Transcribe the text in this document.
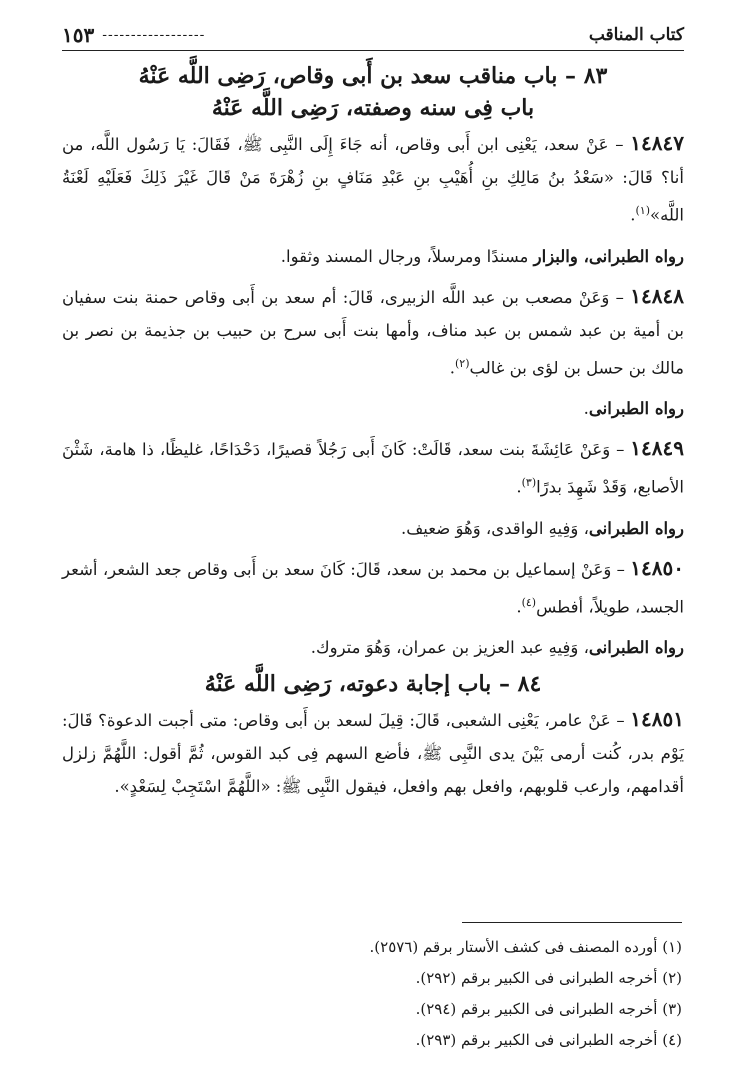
كتاب المناقب
------------------
١٥٣
٨٣ – باب مناقب سعد بن أَبى وقاص، رَضِى اللَّه عَنْهُ
باب فِى سنه وصفته، رَضِى اللَّه عَنْهُ

١٤٨٤٧ – عَنْ سعد، يَعْنِى ابن أَبى وقاص، أنه جَاءَ إِلَى النَّبِى ﷺ، فَقَالَ: يَا رَسُول اللَّه، من أنا؟ قَالَ: «سَعْدُ بنُ مَالِكِ بنِ أُهَيْبِ بنِ عَبْدِ مَنَافٍ بنِ زُهْرَةَ مَنْ قَالَ غَيْرَ ذَلِكَ فَعَلَيْهِ لَعْنَةُ اللَّه»$^{(١)}$.

رواه الطبرانى، والبزار مسندًا ومرسلاً، ورجال المسند وثقوا.

١٤٨٤٨ – وَعَنْ مصعب بن عبد اللَّه الزبيرى، قَالَ: أم سعد بن أَبى وقاص حمنة بنت سفيان بن أمية بن عبد شمس بن عبد مناف، وأمها بنت أَبى سرح بن حبيب بن جذيمة بن نصر بن مالك بن حسل بن لؤى بن غالب$^{(٢)}$.

رواه الطبرانى.

١٤٨٤٩ – وَعَنْ عَائِشَةَ بنت سعد، قَالَتْ: كَانَ أَبى رَجُلاً قصيرًا، دَحْدَاحًا، غليظًا، ذا هامة، شَثْنَ الأصابع، وَقَدْ شَهِدَ بدرًا$^{(٣)}$.

رواه الطبرانى، وَفِيهِ الواقدى، وَهُوَ ضعيف.

١٤٨٥٠ – وَعَنْ إسماعيل بن محمد بن سعد، قَالَ: كَانَ سعد بن أَبى وقاص جعد الشعر، أشعر الجسد، طويلاً، أفطس$^{(٤)}$.

رواه الطبرانى، وَفِيهِ عبد العزيز بن عمران، وَهُوَ متروك.

٨٤ – باب إجابة دعوته، رَضِى اللَّه عَنْهُ

١٤٨٥١ – عَنْ عامر، يَعْنِى الشعبى، قَالَ: قِيلَ لسعد بن أَبى وقاص: متى أجبت الدعوة؟ قَالَ: يَوْم بدر، كُنت أرمى بَيْنَ يدى النَّبِى ﷺ، فأضع السهم فِى كبد القوس، ثُمَّ أقول: اللَّهُمَّ زلزل أقدامهم، وارعب قلوبهم، وافعل بهم وافعل، فيقول النَّبِى ﷺ: «اللَّهُمَّ اسْتَجِبْ لِسَعْدٍ».

(١) أورده المصنف فى كشف الأستار برقم (٢٥٧٦).
(٢) أخرجه الطبرانى فى الكبير برقم (٢٩٢).
(٣) أخرجه الطبرانى فى الكبير برقم (٢٩٤).
(٤) أخرجه الطبرانى فى الكبير برقم (٢٩٣).
